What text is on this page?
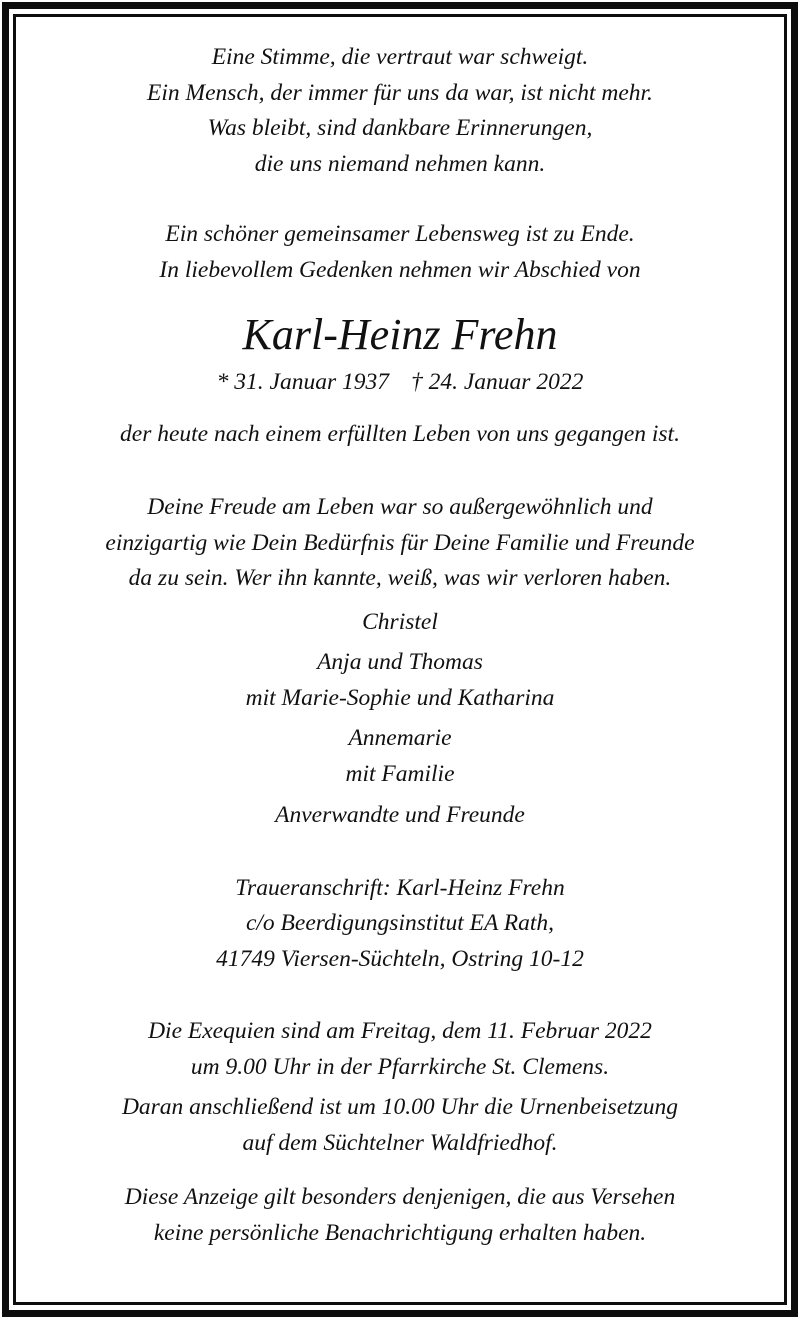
Eine Stimme, die vertraut war schweigt.

Ein Mensch, der immer für uns da war, ist nicht mehr.

Was bleibt, sind dankbare Erinnerungen,

die uns niemand nehmen kann.

Ein schöner gemeinsamer Lebensweg ist zu Ende.

In liebevollem Gedenken nehmen wir Abschied von

Karl-Heinz Frehn

* 31. Januar 1937 † 24. Januar 2022

der heute nach einem erfüllten Leben von uns gegangen ist.

Deine Freude am Leben war so außergewöhnlich und

einzigartig wie Dein Bedürfnis für Deine Familie und Freunde

da zu sein. Wer ihn kannte, weiß, was wir verloren haben.

Christel

Anja und Thomas

mit Marie-Sophie und Katharina

Annemarie

mit Familie

Anverwandte und Freunde

Traueranschrift: Karl-Heinz Frehn

c/o Beerdigungsinstitut EA Rath,

41749 Viersen-Süchteln, Ostring 10-12

Die Exequien sind am Freitag, dem 11. Februar 2022

um 9.00 Uhr in der Pfarrkirche St. Clemens.

Daran anschließend ist um 10.00 Uhr die Urnenbeisetzung

auf dem Süchtelner Waldfriedhof.

Diese Anzeige gilt besonders denjenigen, die aus Versehen

keine persönliche Benachrichtigung erhalten haben.
